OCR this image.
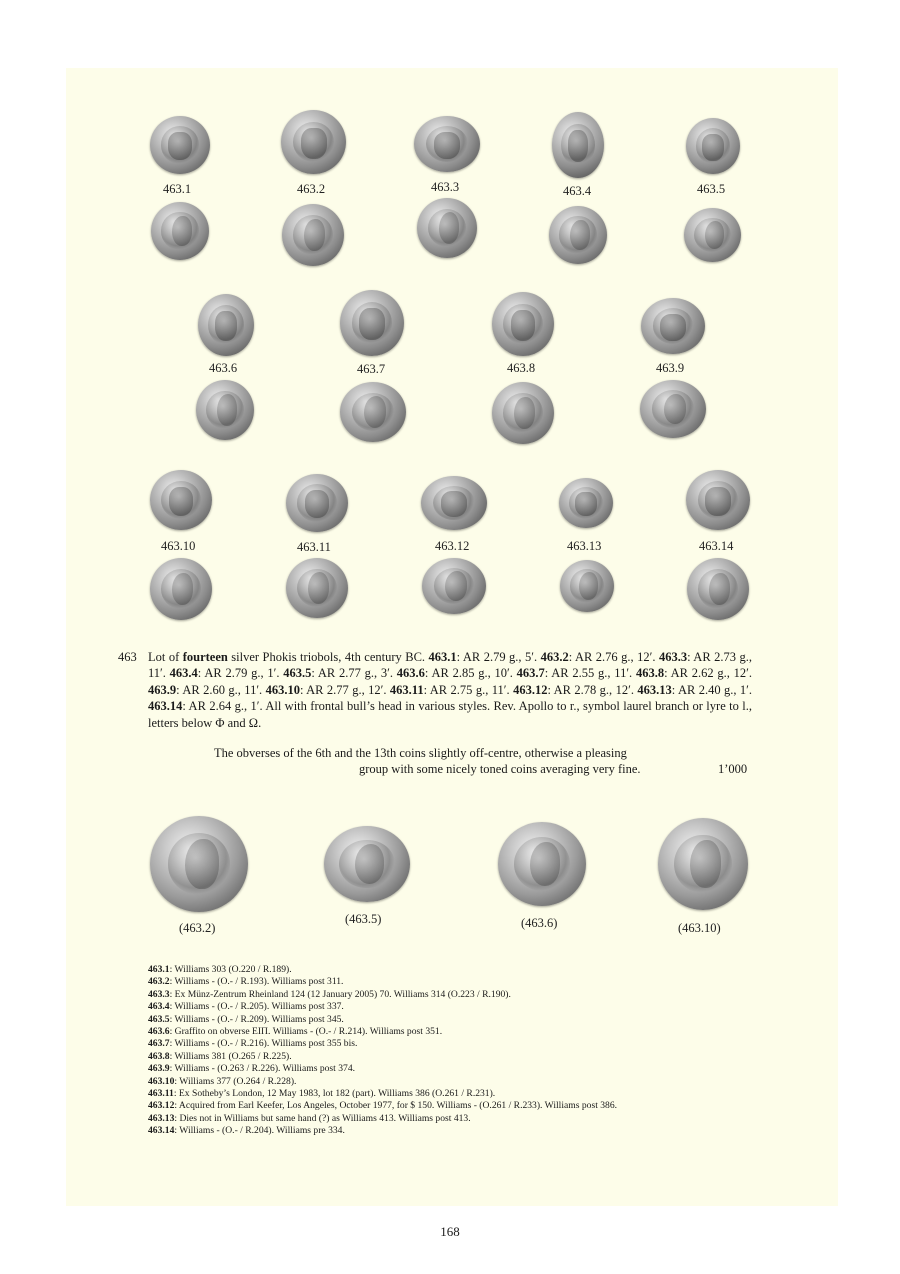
463.1	463.2	463.3	463.4	463.5
463.6	463.7	463.8	463.9
463.10	463.11	463.12	463.13	463.14
463 Lot of fourteen silver Phokis triobols, 4th century BC. 463.1: AR 2.79 g., 5′. 463.2: AR 2.76 g., 12′. 463.3: AR 2.73 g., 11′. 463.4: AR 2.79 g., 1′. 463.5: AR 2.77 g., 3′. 463.6: AR 2.85 g., 10′. 463.7: AR 2.55 g., 11′. 463.8: AR 2.62 g., 12′. 463.9: AR 2.60 g., 11′. 463.10: AR 2.77 g., 12′. 463.11: AR 2.75 g., 11′. 463.12: AR 2.78 g., 12′. 463.13: AR 2.40 g., 1′. 463.14: AR 2.64 g., 1′. All with frontal bull’s head in various styles. Rev. Apollo to r., symbol laurel branch or lyre to l., letters below Φ and Ω.
The obverses of the 6th and the 13th coins slightly off-centre, otherwise a pleasing
group with some nicely toned coins averaging very fine.	1’000
(463.2)
(463.5)	(463.6)	(463.10)
463.1: Williams 303 (O.220 / R.189).
463.2: Williams - (O.- / R.193). Williams post 311.
463.3: Ex Münz-Zentrum Rheinland 124 (12 January 2005) 70. Williams 314 (O.223 / R.190).
463.4: Williams - (O.- / R.205). Williams post 337.
463.5: Williams - (O.- / R.209). Williams post 345.
463.6: Graffito on obverse ΕΙΠ. Williams - (O.- / R.214). Williams post 351.
463.7: Williams - (O.- / R.216). Williams post 355 bis.
463.8: Williams 381 (O.265 / R.225).
463.9: Williams - (O.263 / R.226). Williams post 374.
463.10: Williams 377 (O.264 / R.228).
463.11: Ex Sotheby’s London, 12 May 1983, lot 182 (part). Williams 386 (O.261 / R.231).
463.12: Acquired from Earl Keefer, Los Angeles, October 1977, for $ 150. Williams - (O.261 / R.233). Williams post 386.
463.13: Dies not in Williams but same hand (?) as Williams 413. Williams post 413.
463.14: Williams - (O.- / R.204). Williams pre 334.
168
